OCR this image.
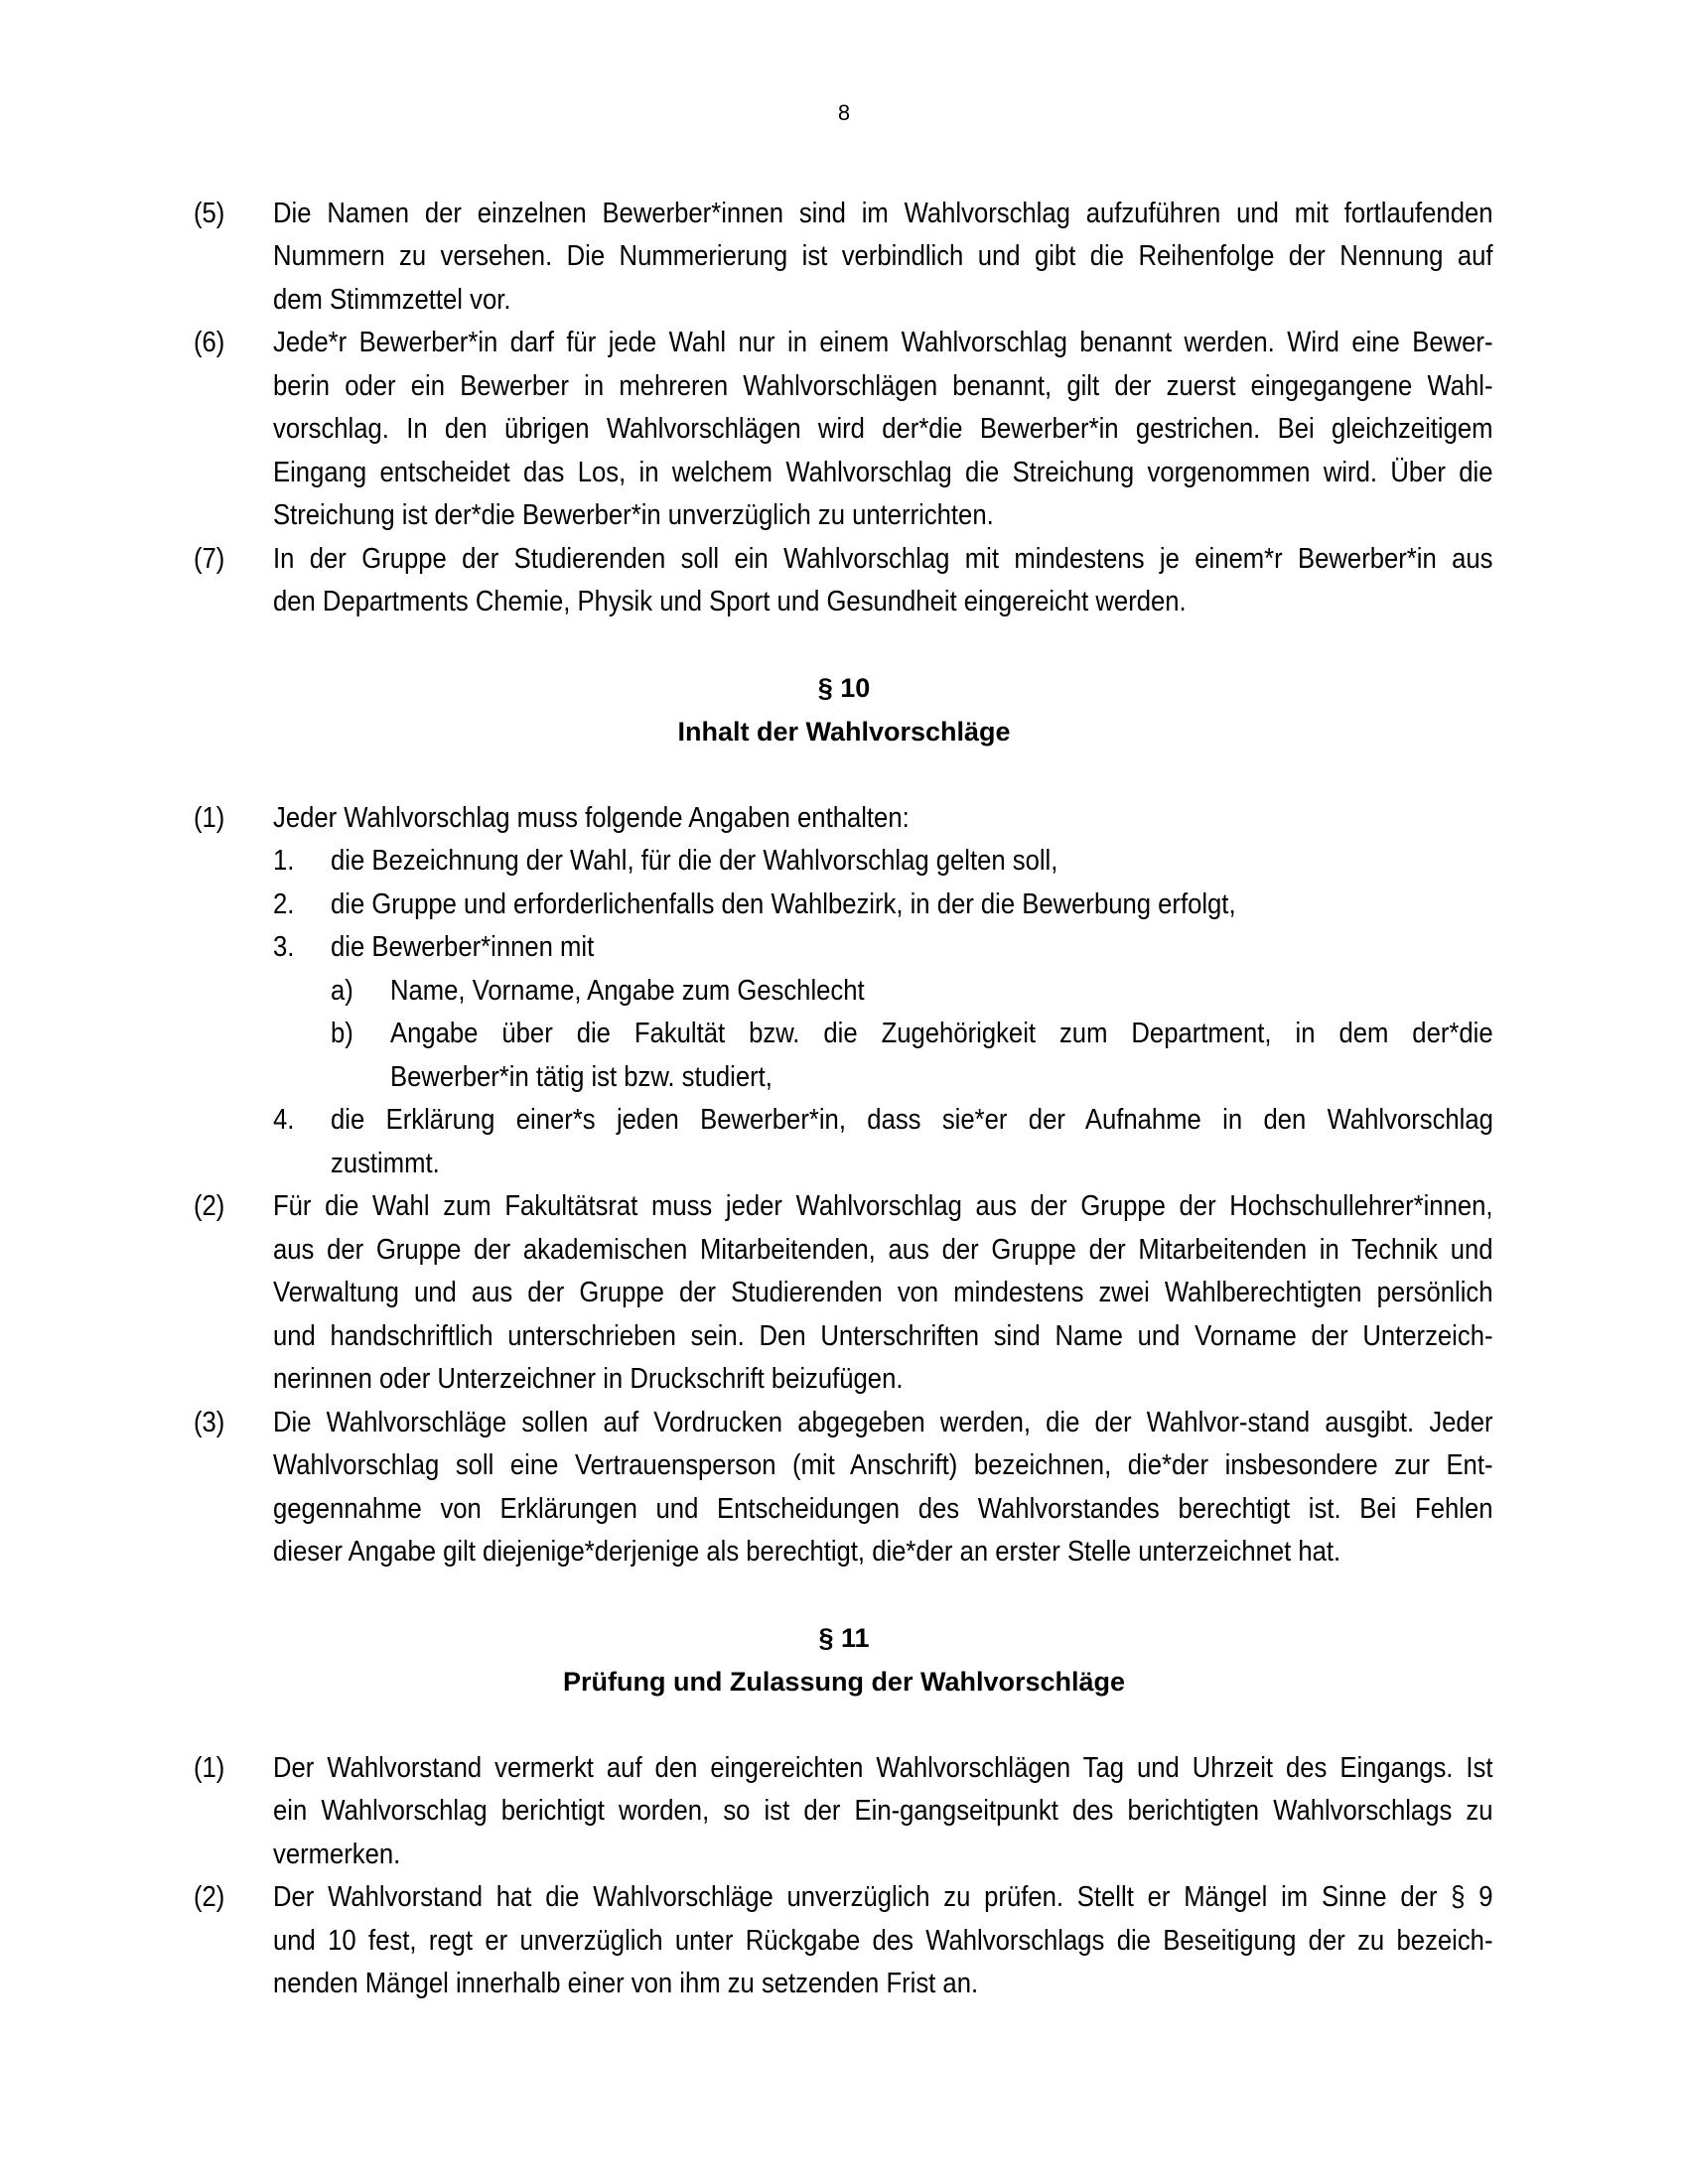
8
(5) Die Namen der einzelnen Bewerber*innen sind im Wahlvorschlag aufzuführen und mit fortlaufenden
Nummern zu versehen. Die Nummerierung ist verbindlich und gibt die Reihenfolge der Nennung auf
dem Stimmzettel vor.
(6) Jede*r Bewerber*in darf für jede Wahl nur in einem Wahlvorschlag benannt werden. Wird eine Bewer-
berin oder ein Bewerber in mehreren Wahlvorschlägen benannt, gilt der zuerst eingegangene Wahl-
vorschlag. In den übrigen Wahlvorschlägen wird der*die Bewerber*in gestrichen. Bei gleichzeitigem
Eingang entscheidet das Los, in welchem Wahlvorschlag die Streichung vorgenommen wird. Über die
Streichung ist der*die Bewerber*in unverzüglich zu unterrichten.
(7) In der Gruppe der Studierenden soll ein Wahlvorschlag mit mindestens je einem*r Bewerber*in aus
den Departments Chemie, Physik und Sport und Gesundheit eingereicht werden.
§ 10
Inhalt der Wahlvorschläge
(1) Jeder Wahlvorschlag muss folgende Angaben enthalten:
1. die Bezeichnung der Wahl, für die der Wahlvorschlag gelten soll,
2. die Gruppe und erforderlichenfalls den Wahlbezirk, in der die Bewerbung erfolgt,
3. die Bewerber*innen mit
a) Name, Vorname, Angabe zum Geschlecht
b) Angabe über die Fakultät bzw. die Zugehörigkeit zum Department, in dem der*die
Bewerber*in tätig ist bzw. studiert,
4. die Erklärung einer*s jeden Bewerber*in, dass sie*er der Aufnahme in den Wahlvorschlag
zustimmt.
(2) Für die Wahl zum Fakultätsrat muss jeder Wahlvorschlag aus der Gruppe der Hochschullehrer*innen,
aus der Gruppe der akademischen Mitarbeitenden, aus der Gruppe der Mitarbeitenden in Technik und
Verwaltung und aus der Gruppe der Studierenden von mindestens zwei Wahlberechtigten persönlich
und handschriftlich unterschrieben sein. Den Unterschriften sind Name und Vorname der Unterzeich-
nerinnen oder Unterzeichner in Druckschrift beizufügen.
(3) Die Wahlvorschläge sollen auf Vordrucken abgegeben werden, die der Wahlvor-stand ausgibt. Jeder
Wahlvorschlag soll eine Vertrauensperson (mit Anschrift) bezeichnen, die*der insbesondere zur Ent-
gegennahme von Erklärungen und Entscheidungen des Wahlvorstandes berechtigt ist. Bei Fehlen
dieser Angabe gilt diejenige*derjenige als berechtigt, die*der an erster Stelle unterzeichnet hat.
§ 11
Prüfung und Zulassung der Wahlvorschläge
(1) Der Wahlvorstand vermerkt auf den eingereichten Wahlvorschlägen Tag und Uhrzeit des Eingangs. Ist
ein Wahlvorschlag berichtigt worden, so ist der Ein-gangseitpunkt des berichtigten Wahlvorschlags zu
vermerken.
(2) Der Wahlvorstand hat die Wahlvorschläge unverzüglich zu prüfen. Stellt er Mängel im Sinne der § 9
und 10 fest, regt er unverzüglich unter Rückgabe des Wahlvorschlags die Beseitigung der zu bezeich-
nenden Mängel innerhalb einer von ihm zu setzenden Frist an.
